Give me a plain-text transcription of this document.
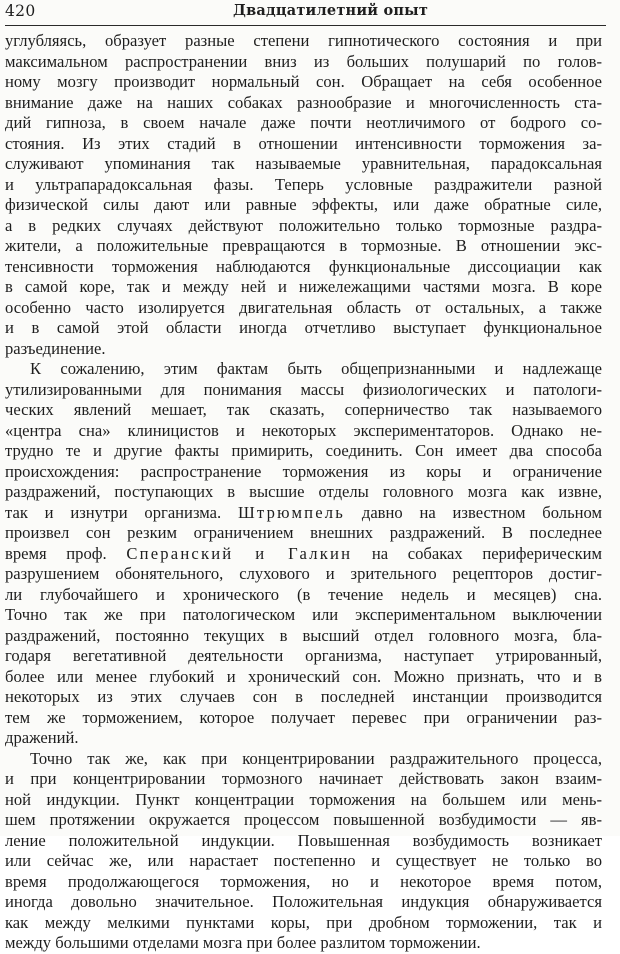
420	Двадцатилетний опыт
углубляясь, образует разные степени гипнотического состояния и при
максимальном распространении вниз из больших полушарий по голов-
ному мозгу производит нормальный сон. Обращает на себя особенное
внимание даже на наших собаках разнообразие и многочисленность ста-
дий гипноза, в своем начале даже почти неотличимого от бодрого со-
стояния. Из этих стадий в отношении интенсивности торможения за-
служивают упоминания так называемые уравнительная, парадоксальная
и ультрапарадоксальная фазы. Теперь условные раздражители разной
физической силы дают или равные эффекты, или даже обратные силе,
а в редких случаях действуют положительно только тормозные раздра-
жители, а положительные превращаются в тормозные. В отношении экс-
тенсивности торможения наблюдаются функциональные диссоциации как
в самой коре, так и между ней и нижележащими частями мозга. В коре
особенно часто изолируется двигательная область от остальных, а также
и в самой этой области иногда отчетливо выступает функциональное
разъединение.
К сожалению, этим фактам быть общепризнанными и надлежаще
утилизированными для понимания массы физиологических и патологи-
ческих явлений мешает, так сказать, соперничество так называемого
«центра сна» клиницистов и некоторых экспериментаторов. Однако не-
трудно те и другие факты примирить, соединить. Сон имеет два способа
происхождения: распространение торможения из коры и ограничение
раздражений, поступающих в высшие отделы головного мозга как извне,
так и изнутри организма. Штрюмпель давно на известном больном
произвел сон резким ограничением внешних раздражений. В последнее
время проф. Сперанский и Галкин на собаках периферическим
разрушением обонятельного, слухового и зрительного рецепторов достиг-
ли глубочайшего и хронического (в течение недель и месяцев) сна.
Точно так же при патологическом или экспериментальном выключении
раздражений, постоянно текущих в высший отдел головного мозга, бла-
годаря вегетативной деятельности организма, наступает утрированный,
более или менее глубокий и хронический сон. Можно признать, что и в
некоторых из этих случаев сон в последней инстанции производится
тем же торможением, которое получает перевес при ограничении раз-
дражений.
Точно так же, как при концентрировании раздражительного процесса,
и при концентрировании тормозного начинает действовать закон взаим-
ной индукции. Пункт концентрации торможения на большем или мень-
шем протяжении окружается процессом повышенной возбудимости — яв-
ление положительной индукции. Повышенная возбудимость возникает
или сейчас же, или нарастает постепенно и существует не только во
время продолжающегося торможения, но и некоторое время потом,
иногда довольно значительное. Положительная индукция обнаруживается
как между мелкими пунктами коры, при дробном торможении, так и
между большими отделами мозга при более разлитом торможении.
